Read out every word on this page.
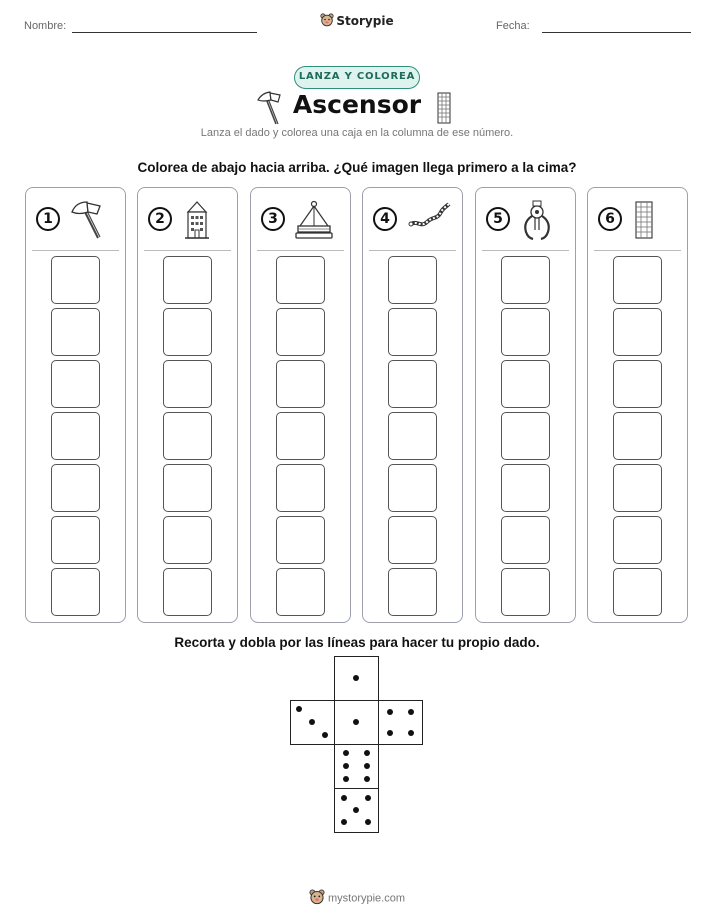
Nombre:	Storypie	Fecha:
LANZA Y COLOREA
Ascensor
Lanza el dado y colorea una caja en la columna de ese número.
Colorea de abajo hacia arriba. ¿Qué imagen llega primero a la cima?
1	2	3	4	5	6
Recorta y dobla por las líneas para hacer tu propio dado.
mystorypie.com
